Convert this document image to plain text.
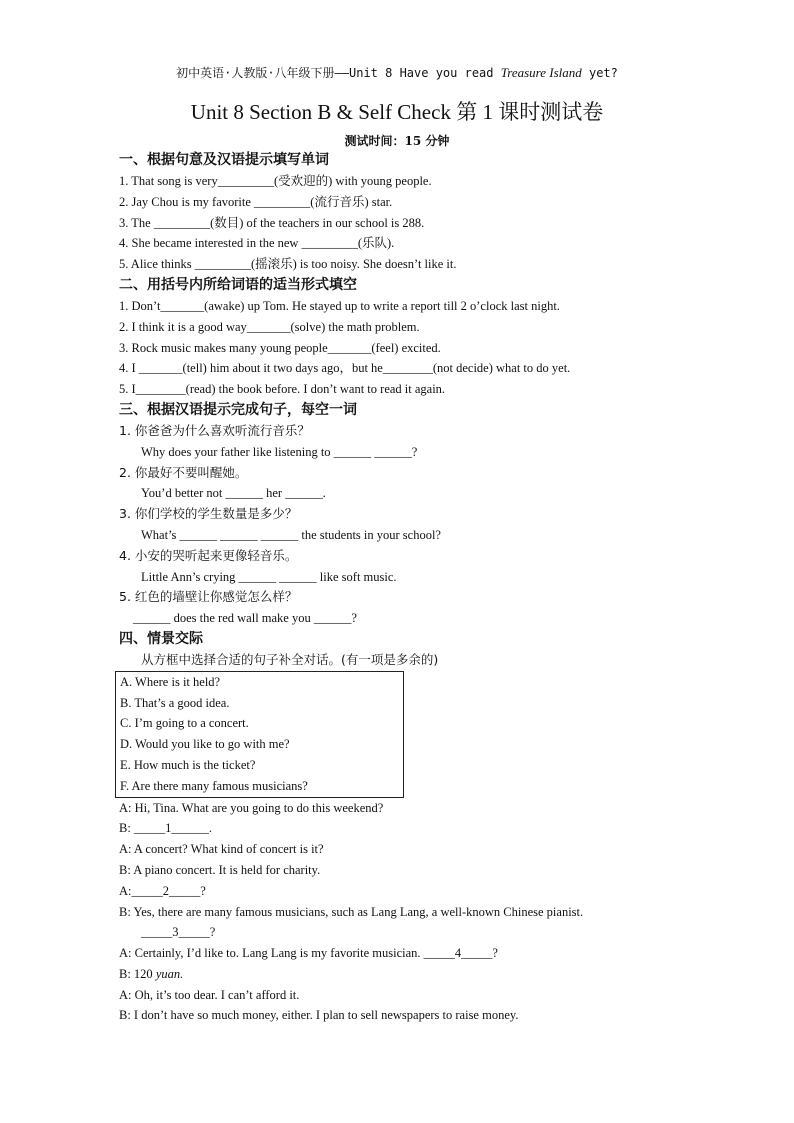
初中英语·人教版·八年级下册——Unit 8 Have you read Treasure Island yet?
Unit 8 Section B & Self Check 第 1 课时测试卷
测试时间：15 分钟
一、根据句意及汉语提示填写单词
1. That song is very_________(受欢迎的) with young people.
2. Jay Chou is my favorite _________(流行音乐) star.
3. The _________(数目) of the teachers in our school is 288.
4. She became interested in the new _________(乐队).
5. Alice thinks _________(摇滚乐) is too noisy. She doesn’t like it.
二、用括号内所给词语的适当形式填空
1. Don’t_______(awake) up Tom. He stayed up to write a report till 2 o’clock last night.
2. I think it is a good way_______(solve) the math problem.
3. Rock music makes many young people_______(feel) excited.
4. I _______(tell) him about it two days ago，but he________(not decide) what to do yet.
5. I________(read) the book before. I don’t want to read it again.
三、根据汉语提示完成句子，每空一词
1. 你爸爸为什么喜欢听流行音乐？
Why does your father like listening to ______ ______?
2. 你最好不要叫醒她。
You’d better not ______ her ______.
3. 你们学校的学生数量是多少？
What’s ______ ______ ______ the students in your school?
4. 小安的哭听起来更像轻音乐。
Little Ann’s crying ______ ______ like soft music.
5. 红色的墙壁让你感觉怎么样？
______ does the red wall make you ______?
四、情景交际
从方框中选择合适的句子补全对话。(有一项是多余的)
A. Where is it held?
B. That’s a good idea.
C. I’m going to a concert.
D. Would you like to go with me?
E. How much is the ticket?
F. Are there many famous musicians?
A: Hi, Tina. What are you going to do this weekend?
B: _____1______.
A: A concert? What kind of concert is it?
B: A piano concert. It is held for charity.
A:_____2_____?
B: Yes, there are many famous musicians, such as Lang Lang, a well-known Chinese pianist.
_____3_____?
A: Certainly, I’d like to. Lang Lang is my favorite musician. _____4_____?
B: 120 yuan.
A: Oh, it’s too dear. I can’t afford it.
B: I don’t have so much money, either. I plan to sell newspapers to raise money.
